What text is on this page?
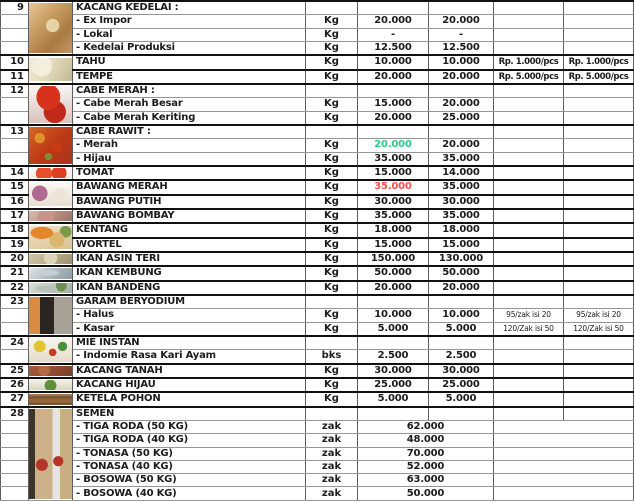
9		KACANG KEDELAI :					
		- Ex Impor	Kg	20.000	20.000		
		- Lokal	Kg	-	-		
		- Kedelai Produksi	Kg	12.500	12.500		
10		TAHU	Kg	10.000	10.000	Rp. 1.000/pcs	Rp. 1.000/pcs
11		TEMPE	Kg	20.000	20.000	Rp. 5.000/pcs	Rp. 5.000/pcs
12		CABE MERAH :					
		- Cabe Merah Besar	Kg	15.000	20.000		
		- Cabe Merah Keriting	Kg	20.000	25.000		
13		CABE RAWIT :					
		- Merah	Kg	20.000	20.000		
		- Hijau	Kg	35.000	35.000		
14		TOMAT	Kg	15.000	14.000		
15		BAWANG MERAH	Kg	35.000	35.000		
16		BAWANG PUTIH	Kg	30.000	30.000		
17		BAWANG BOMBAY	Kg	35.000	35.000		
18		KENTANG	Kg	18.000	18.000		
19		WORTEL	Kg	15.000	15.000		
20		IKAN ASIN TERI	Kg	150.000	130.000		
21		IKAN KEMBUNG	Kg	50.000	50.000		
22		IKAN BANDENG	Kg	20.000	20.000		
23		GARAM BERYODIUM					
		- Halus	Kg	10.000	10.000	95/zak isi 20	95/zak isi 20
		- Kasar	Kg	5.000	5.000	120/Zak isi 50	120/Zak isi 50
24		MIE INSTAN					
		- Indomie Rasa Kari Ayam	bks	2.500	2.500		
25		KACANG TANAH	Kg	30.000	30.000		
26		KACANG HIJAU	Kg	25.000	25.000		
27		KETELA POHON	Kg	5.000	5.000		
28		SEMEN					
		- TIGA RODA (50 KG)	zak	62.000			
		- TIGA RODA (40 KG)	zak	48.000			
		- TONASA (50 KG)	zak	70.000			
		- TONASA (40 KG)	zak	52.000			
		- BOSOWA (50 KG)	zak	63.000			
		- BOSOWA (40 KG)	zak	50.000			
